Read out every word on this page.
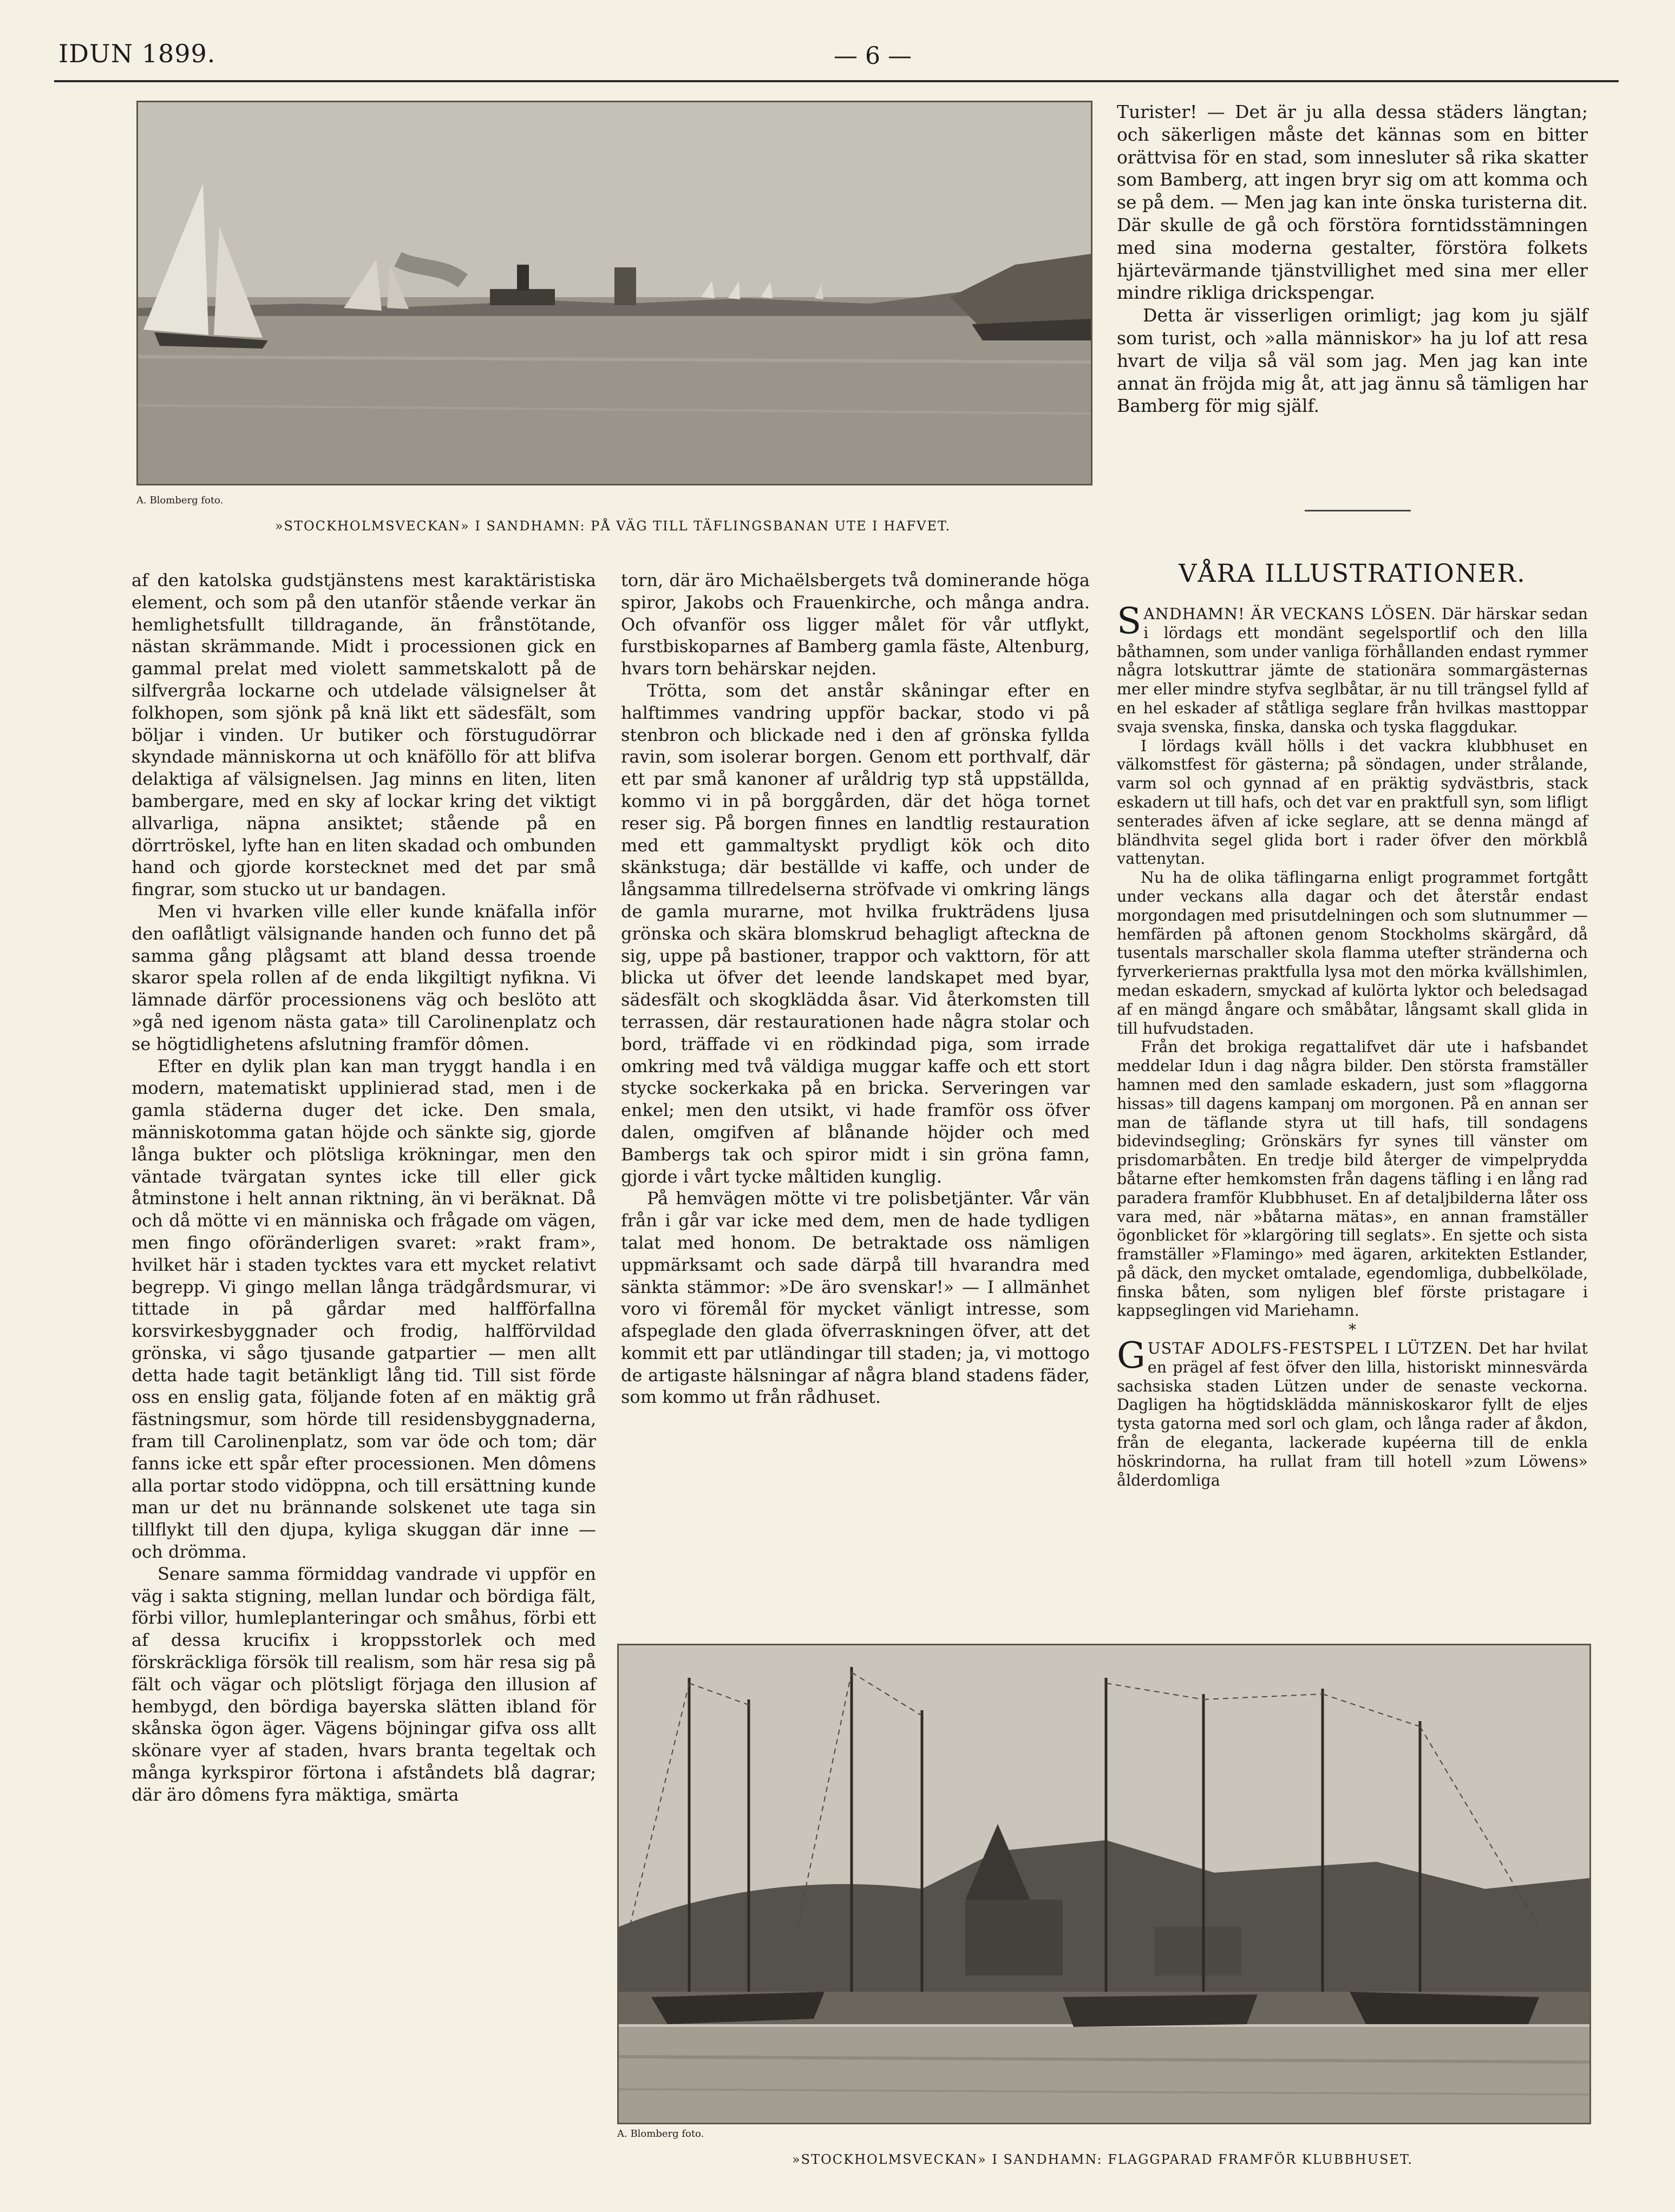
IDUN 1899.	— 6 —
A. Blomberg foto.
»STOCKHOLMSVECKAN» I SANDHAMN: PÅ VÄG TILL TÄFLINGSBANAN UTE I HAFVET.

Turister! — Det är ju alla dessa städers längtan; och säkerligen måste det kännas som en bitter orättvisa för en stad, som innesluter så rika skatter som Bamberg, att ingen bryr sig om att komma och se på dem. — Men jag kan inte önska turisterna dit. Där skulle de gå och förstöra forntidsstämningen med sina moderna gestalter, förstöra folkets hjärtevärmande tjänstvillighet med sina mer eller mindre rikliga drickspengar.

Detta är visserligen orimligt; jag kom ju själf som turist, och »alla människor» ha ju lof att resa hvart de vilja så väl som jag. Men jag kan inte annat än fröjda mig åt, att jag ännu så tämligen har Bamberg för mig själf.

af den katolska gudstjänstens mest karaktäristiska element, och som på den utanför stående verkar än hemlighetsfullt tilldragande, än frånstötande, nästan skrämmande. Midt i processionen gick en gammal prelat med violett sammetskalott på de silfvergråa lockarne och utdelade välsignelser åt folkhopen, som sjönk på knä likt ett sädesfält, som böljar i vinden. Ur butiker och förstugudörrar skyndade människorna ut och knäföllo för att blifva delaktiga af välsignelsen. Jag minns en liten, liten bambergare, med en sky af lockar kring det viktigt allvarliga, näpna ansiktet; stående på en dörrtröskel, lyfte han en liten skadad och ombunden hand och gjorde korstecknet med det par små fingrar, som stucko ut ur bandagen.

Men vi hvarken ville eller kunde knäfalla inför den oaflåtligt välsignande handen och funno det på samma gång plågsamt att bland dessa troende skaror spela rollen af de enda likgiltigt nyfikna. Vi lämnade därför processionens väg och beslöto att »gå ned igenom nästa gata» till Carolinenplatz och se högtidlighetens afslutning framför dômen.

Efter en dylik plan kan man tryggt handla i en modern, matematiskt upplinierad stad, men i de gamla städerna duger det icke. Den smala, människotomma gatan höjde och sänkte sig, gjorde långa bukter och plötsliga krökningar, men den väntade tvärgatan syntes icke till eller gick åtminstone i helt annan riktning, än vi beräknat. Då och då mötte vi en människa och frågade om vägen, men fingo oföränderligen svaret: »rakt fram», hvilket här i staden tycktes vara ett mycket relativt begrepp. Vi gingo mellan långa trädgårdsmurar, vi tittade in på gårdar med halfförfallna korsvirkesbyggnader och frodig, halfförvildad grönska, vi sågo tjusande gatpartier — men allt detta hade tagit betänkligt lång tid. Till sist förde oss en enslig gata, följande foten af en mäktig grå fästningsmur, som hörde till residensbyggnaderna, fram till Carolinenplatz, som var öde och tom; där fanns icke ett spår efter processionen. Men dômens alla portar stodo vidöppna, och till ersättning kunde man ur det nu brännande solskenet ute taga sin tillflykt till den djupa, kyliga skuggan där inne — och drömma.

Senare samma förmiddag vandrade vi uppför en väg i sakta stigning, mellan lundar och bördiga fält, förbi villor, humleplanteringar och småhus, förbi ett af dessa krucifix i kroppsstorlek och med förskräckliga försök till realism, som här resa sig på fält och vägar och plötsligt förjaga den illusion af hembygd, den bördiga bayerska slätten ibland för skånska ögon äger. Vägens böjningar gifva oss allt skönare vyer af staden, hvars branta tegeltak och många kyrkspiror förtona i afståndets blå dagrar; där äro dômens fyra mäktiga, smärta

torn, där äro Michaëlsbergets två dominerande höga spiror, Jakobs och Frauenkirche, och många andra. Och ofvanför oss ligger målet för vår utflykt, furstbiskoparnes af Bamberg gamla fäste, Altenburg, hvars torn behärskar nejden.

Trötta, som det anstår skåningar efter en halftimmes vandring uppför backar, stodo vi på stenbron och blickade ned i den af grönska fyllda ravin, som isolerar borgen. Genom ett porthvalf, där ett par små kanoner af uråldrig typ stå uppställda, kommo vi in på borggården, där det höga tornet reser sig. På borgen finnes en landtlig restauration med ett gammaltyskt prydligt kök och dito skänkstuga; där beställde vi kaffe, och under de långsamma tillredelserna ströfvade vi omkring längs de gamla murarne, mot hvilka frukträdens ljusa grönska och skära blomskrud behagligt afteckna de sig, uppe på bastioner, trappor och vakttorn, för att blicka ut öfver det leende landskapet med byar, sädesfält och skogklädda åsar. Vid återkomsten till terrassen, där restaurationen hade några stolar och bord, träffade vi en rödkindad piga, som irrade omkring med två väldiga muggar kaffe och ett stort stycke sockerkaka på en bricka. Serveringen var enkel; men den utsikt, vi hade framför oss öfver dalen, omgifven af blånande höjder och med Bambergs tak och spiror midt i sin gröna famn, gjorde i vårt tycke måltiden kunglig.

På hemvägen mötte vi tre polisbetjänter. Vår vän från i går var icke med dem, men de hade tydligen talat med honom. De betraktade oss nämligen uppmärksamt och sade därpå till hvarandra med sänkta stämmor: »De äro svenskar!» — I allmänhet voro vi föremål för mycket vänligt intresse, som afspeglade den glada öfverraskningen öfver, att det kommit ett par utländingar till staden; ja, vi mottogo de artigaste hälsningar af några bland stadens fäder, som kommo ut från rådhuset.

VÅRA ILLUSTRATIONER.

SANDHAMN! ÄR VECKANS LÖSEN. Där härskar sedan i lördags ett mondänt segelsportlif och den lilla båthamnen, som under vanliga förhållanden endast rymmer några lotskuttrar jämte de stationära sommargästernas mer eller mindre styfva seglbåtar, är nu till trängsel fylld af en hel eskader af ståtliga seglare från hvilkas masttoppar svaja svenska, finska, danska och tyska flaggdukar.

I lördags kväll hölls i det vackra klubbhuset en välkomstfest för gästerna; på söndagen, under strålande, varm sol och gynnad af en präktig sydvästbris, stack eskadern ut till hafs, och det var en praktfull syn, som lifligt senterades äfven af icke seglare, att se denna mängd af bländhvita segel glida bort i rader öfver den mörkblå vattenytan.

Nu ha de olika täflingarna enligt programmet fortgått under veckans alla dagar och det återstår endast morgondagen med prisutdelningen och som slutnummer — hemfärden på aftonen genom Stockholms skärgård, då tusentals marschaller skola flamma utefter stränderna och fyrverkeriernas praktfulla lysa mot den mörka kvällshimlen, medan eskadern, smyckad af kulörta lyktor och beledsagad af en mängd ångare och småbåtar, långsamt skall glida in till hufvudstaden.

Från det brokiga regattalifvet där ute i hafsbandet meddelar Idun i dag några bilder. Den största framställer hamnen med den samlade eskadern, just som »flaggorna hissas» till dagens kampanj om morgonen. På en annan ser man de täflande styra ut till hafs, till sondagens bidevindsegling; Grönskärs fyr synes till vänster om prisdomarbåten. En tredje bild återger de vimpelprydda båtarne efter hemkomsten från dagens täfling i en lång rad paradera framför Klubbhuset. En af detaljbilderna låter oss vara med, när »båtarna mätas», en annan framställer ögonblicket för »klargöring till seglats». En sjette och sista framställer »Flamingo» med ägaren, arkitekten Estlander, på däck, den mycket omtalade, egendomliga, dubbelkölade, finska båten, som nyligen blef förste pristagare i kappseglingen vid Mariehamn.

*

GUSTAF ADOLFS-FESTSPEL I LÜTZEN. Det har hvilat en prägel af fest öfver den lilla, historiskt minnesvärda sachsiska staden Lützen under de senaste veckorna. Dagligen ha högtidsklädda människoskaror fyllt de eljes tysta gatorna med sorl och glam, och långa rader af åkdon, från de eleganta, lackerade kupéerna till de enkla höskrindorna, ha rullat fram till hotell »zum Löwens» ålderdomliga

A. Blomberg foto.
»STOCKHOLMSVECKAN» I SANDHAMN: FLAGGPARAD FRAMFÖR KLUBBHUSET.
